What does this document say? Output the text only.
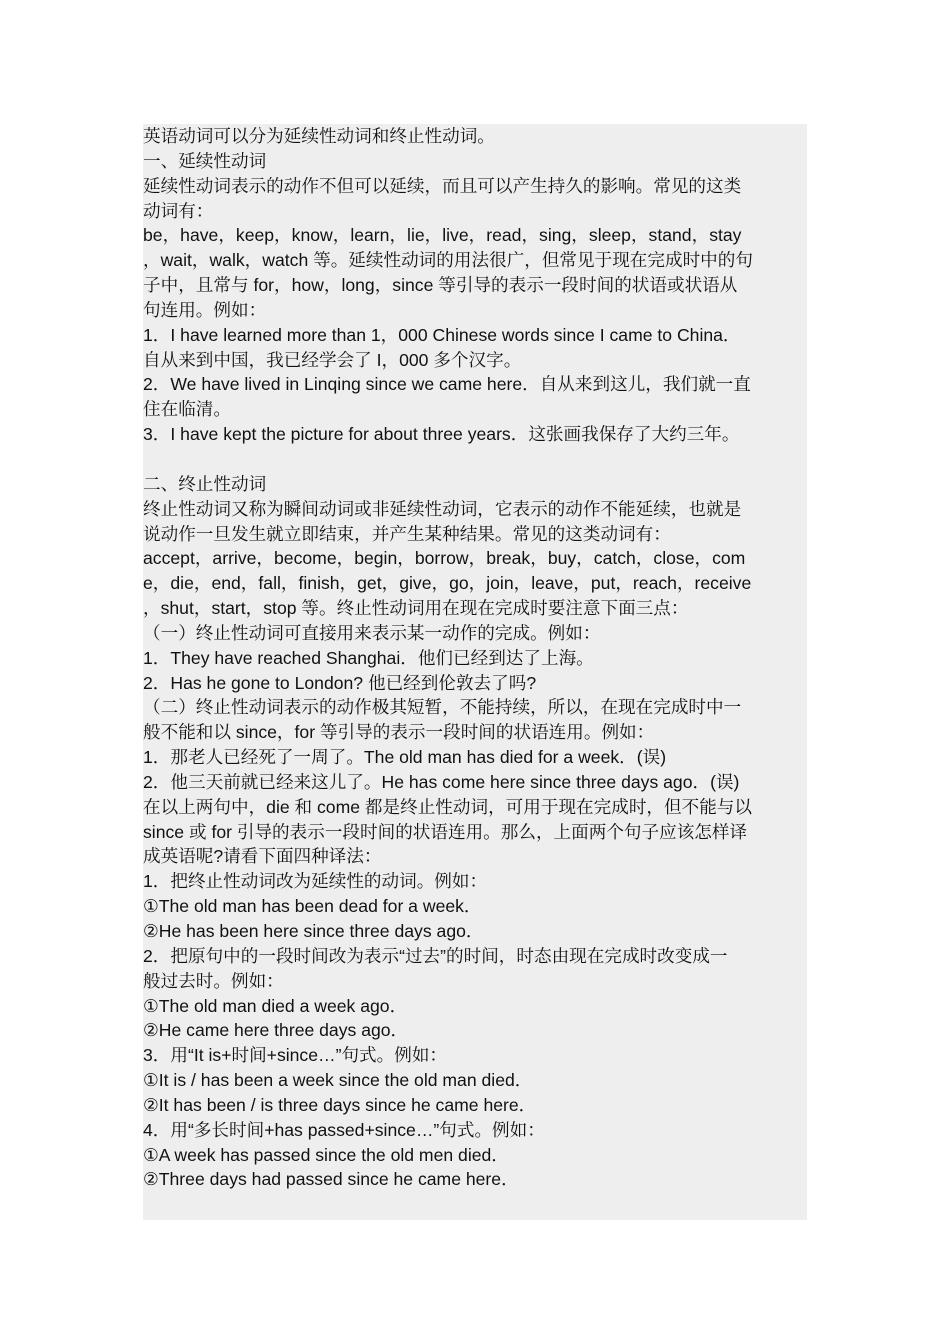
英语动词可以分为延续性动词和终止性动词。
一、延续性动词
延续性动词表示的动作不但可以延续，而且可以产生持久的影响。常见的这类
动词有：
be，have，keep，know，learn，lie，live，read，sing，sleep，stand，stay
，wait，walk，watch 等。延续性动词的用法很广，但常见于现在完成时中的句
子中，且常与 for，how，long，since 等引导的表示一段时间的状语或状语从
句连用。例如：
1．I have learned more than 1，000 Chinese words since I came to China．
自从来到中国，我已经学会了 I，000 多个汉字。
2．We have lived in Linqing since we came here．自从来到这儿，我们就一直
住在临清。
3．I have kept the picture for about three years．这张画我保存了大约三年。
二、终止性动词
终止性动词又称为瞬间动词或非延续性动词，它表示的动作不能延续，也就是
说动作一旦发生就立即结束，并产生某种结果。常见的这类动词有：
accept，arrive，become，begin，borrow，break，buy，catch，close，com
e，die，end，fall，finish，get，give，go，join，leave，put，reach，receive
，shut，start，stop 等。终止性动词用在现在完成时要注意下面三点：
（一）终止性动词可直接用来表示某一动作的完成。例如：
1．They have reached Shanghai．他们已经到达了上海。
2．Has he gone to London? 他已经到伦敦去了吗?
（二）终止性动词表示的动作极其短暂，不能持续，所以，在现在完成时中一
般不能和以 since，for 等引导的表示一段时间的状语连用。例如：
1．那老人已经死了一周了。The old man has died for a week．(误)
2．他三天前就已经来这儿了。He has come here since three days ago．(误)
在以上两句中，die 和 come 都是终止性动词，可用于现在完成时，但不能与以
since 或 for 引导的表示一段时间的状语连用。那么，上面两个句子应该怎样译
成英语呢?请看下面四种译法：
1．把终止性动词改为延续性的动词。例如：
①The old man has been dead for a week．
②He has been here since three days ago．
2．把原句中的一段时间改为表示“过去”的时间，时态由现在完成时改变成一
般过去时。例如：
①The old man died a week ago．
②He came here three days ago．
3．用“It is+时间+since…”句式。例如：
①It is / has been a week since the old man died．
②It has been / is three days since he came here．
4．用“多长时间+has passed+since…”句式。例如：
①A week has passed since the old men died．
②Three days had passed since he came here．
